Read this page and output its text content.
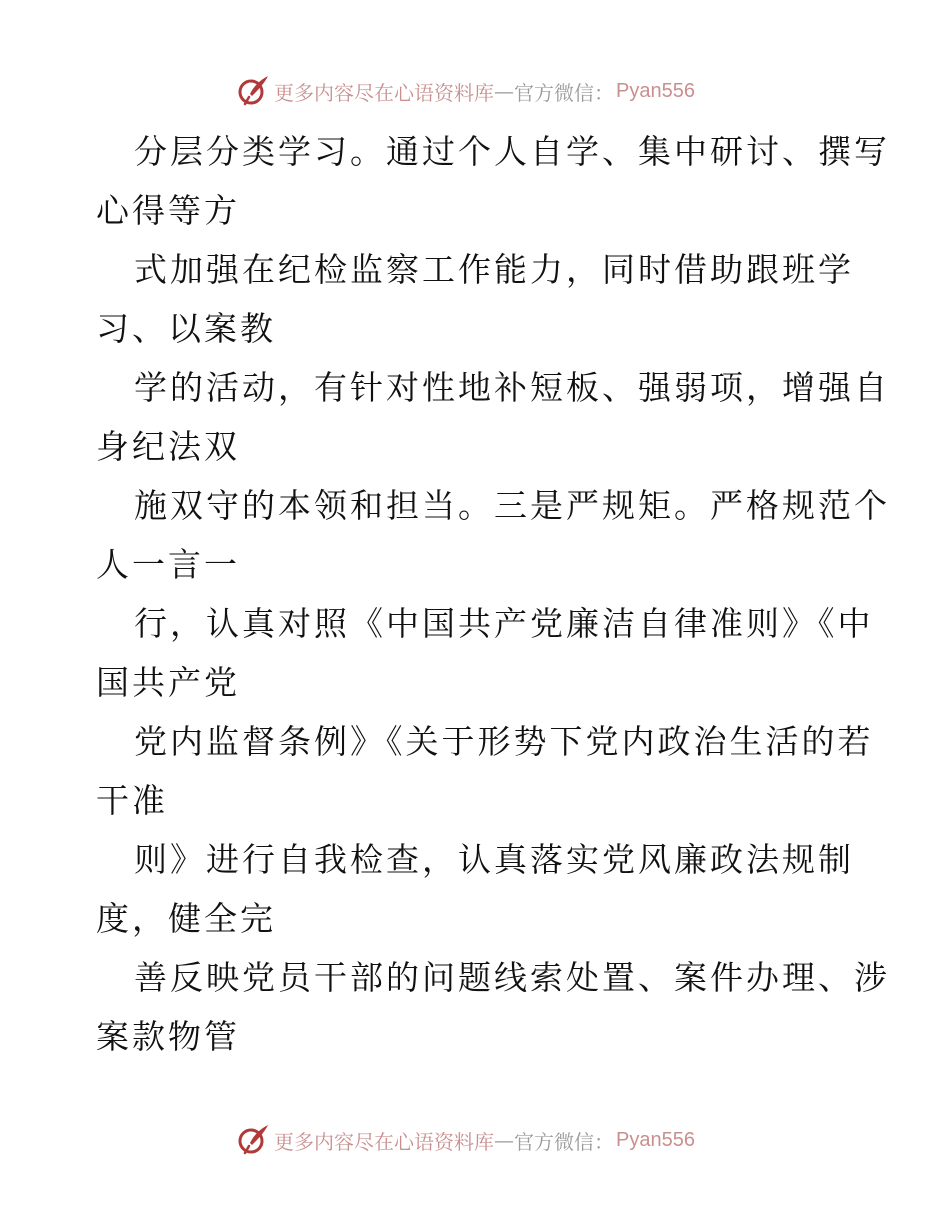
更多内容尽在心语资料库 — 官方微信： Pyan556
分层分类学习。通过个人自学、集中研讨、撰写
心得等方
式加强在纪检监察工作能力，同时借助跟班学
习、以案教
学的活动，有针对性地补短板、强弱项，增强自
身纪法双
施双守的本领和担当。三是严规矩。严格规范个
人一言一
行，认真对照《中国共产党廉洁自律准则》《中
国共产党
党内监督条例》《关于形势下党内政治生活的若
干准
则》进行自我检查，认真落实党风廉政法规制
度，健全完
善反映党员干部的问题线索处置、案件办理、涉
案款物管
更多内容尽在心语资料库 — 官方微信： Pyan556
